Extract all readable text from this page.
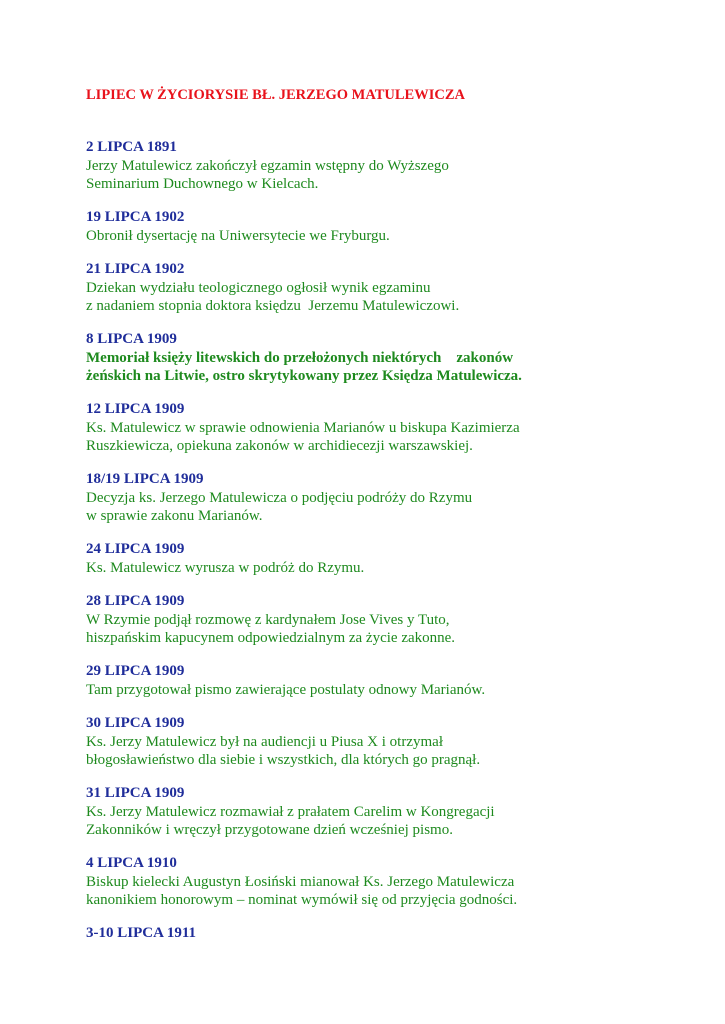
LIPIEC W ŻYCIORYSIE BŁ. JERZEGO MATULEWICZA
2 LIPCA 1891
Jerzy Matulewicz zakończył egzamin wstępny do Wyższego
Seminarium Duchownego w Kielcach.
19 LIPCA 1902
Obronił dysertację na Uniwersytecie we Fryburgu.
21 LIPCA 1902
Dziekan wydziału teologicznego ogłosił wynik egzaminu
z nadaniem stopnia doktora księdzu  Jerzemu Matulewiczowi.
8 LIPCA 1909
Memoriał księży litewskich do przełożonych niektórych    zakonów
żeńskich na Litwie, ostro skrytykowany przez Księdza Matulewicza.
12 LIPCA 1909
Ks. Matulewicz w sprawie odnowienia Marianów u biskupa Kazimierza
Ruszkiewicza, opiekuna zakonów w archidiecezji warszawskiej.
18/19 LIPCA 1909
Decyzja ks. Jerzego Matulewicza o podjęciu podróży do Rzymu
w sprawie zakonu Marianów.
24 LIPCA 1909
Ks. Matulewicz wyrusza w podróż do Rzymu.
28 LIPCA 1909
W Rzymie podjął rozmowę z kardynałem Jose Vives y Tuto,
hiszpańskim kapucynem odpowiedzialnym za życie zakonne.
29 LIPCA 1909
Tam przygotował pismo zawierające postulaty odnowy Marianów.
30 LIPCA 1909
Ks. Jerzy Matulewicz był na audiencji u Piusa X i otrzymał
błogosławieństwo dla siebie i wszystkich, dla których go pragnął.
31 LIPCA 1909
Ks. Jerzy Matulewicz rozmawiał z prałatem Carelim w Kongregacji
Zakonników i wręczył przygotowane dzień wcześniej pismo.
4 LIPCA 1910
Biskup kielecki Augustyn Łosiński mianował Ks. Jerzego Matulewicza
kanonikiem honorowym – nominat wymówił się od przyjęcia godności.
3-10 LIPCA 1911
